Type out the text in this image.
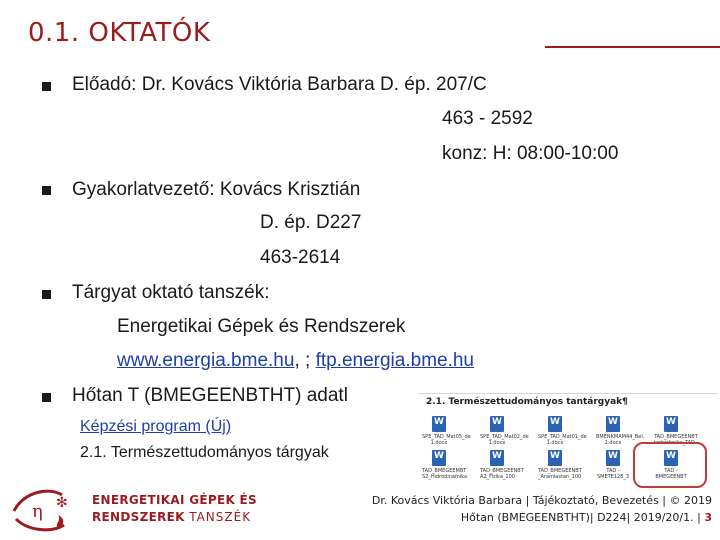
0.1. OKTATÓK
Előadó: Dr. Kovács Viktória Barbara D. ép. 207/C
463 - 2592
konz: H: 08:00-10:00
Gyakorlatvezető: Kovács Krisztián
D. ép. D227
463-2614
Tárgyat oktató tanszék:
Energetikai Gépek és Rendszerek
www.energia.bme.hu, ; ftp.energia.bme.hu
Hőtan T (BMEGEENBTHT) adatl
Képzési program (Új)
2.1. Természettudományos tárgyak
2.1. Természettudományos tantárgyak¶
W
SPE_TAD_Mat05_de 1.docx
W
SPE_TAD_Mat02_de 1.docx
W
SPE_TAD_Mat01_de 1.docx
W
BMENKMAM44_Bel. 1.docx
W
TAD_BMEGEENBT tortechnika_TAD
W
TAD_BMEGEEMBT S2_Hidrodinamika
W
TAD_BMEGEENBT A2_Fizika_100
W
TAD_BMEGEENBT _Aramlastan_100
W
TAD - SMETE128_3
W
TAD - BMEGEENBT
η ✻ ENERGETIKAI GÉPEK ÉS
RENDSZEREK TANSZÉK
Dr. Kovács Viktória Barbara | Tájékoztató, Bevezetés | © 2019
Hőtan (BMEGEENBTHT)| D224| 2019/20/1. | 3
